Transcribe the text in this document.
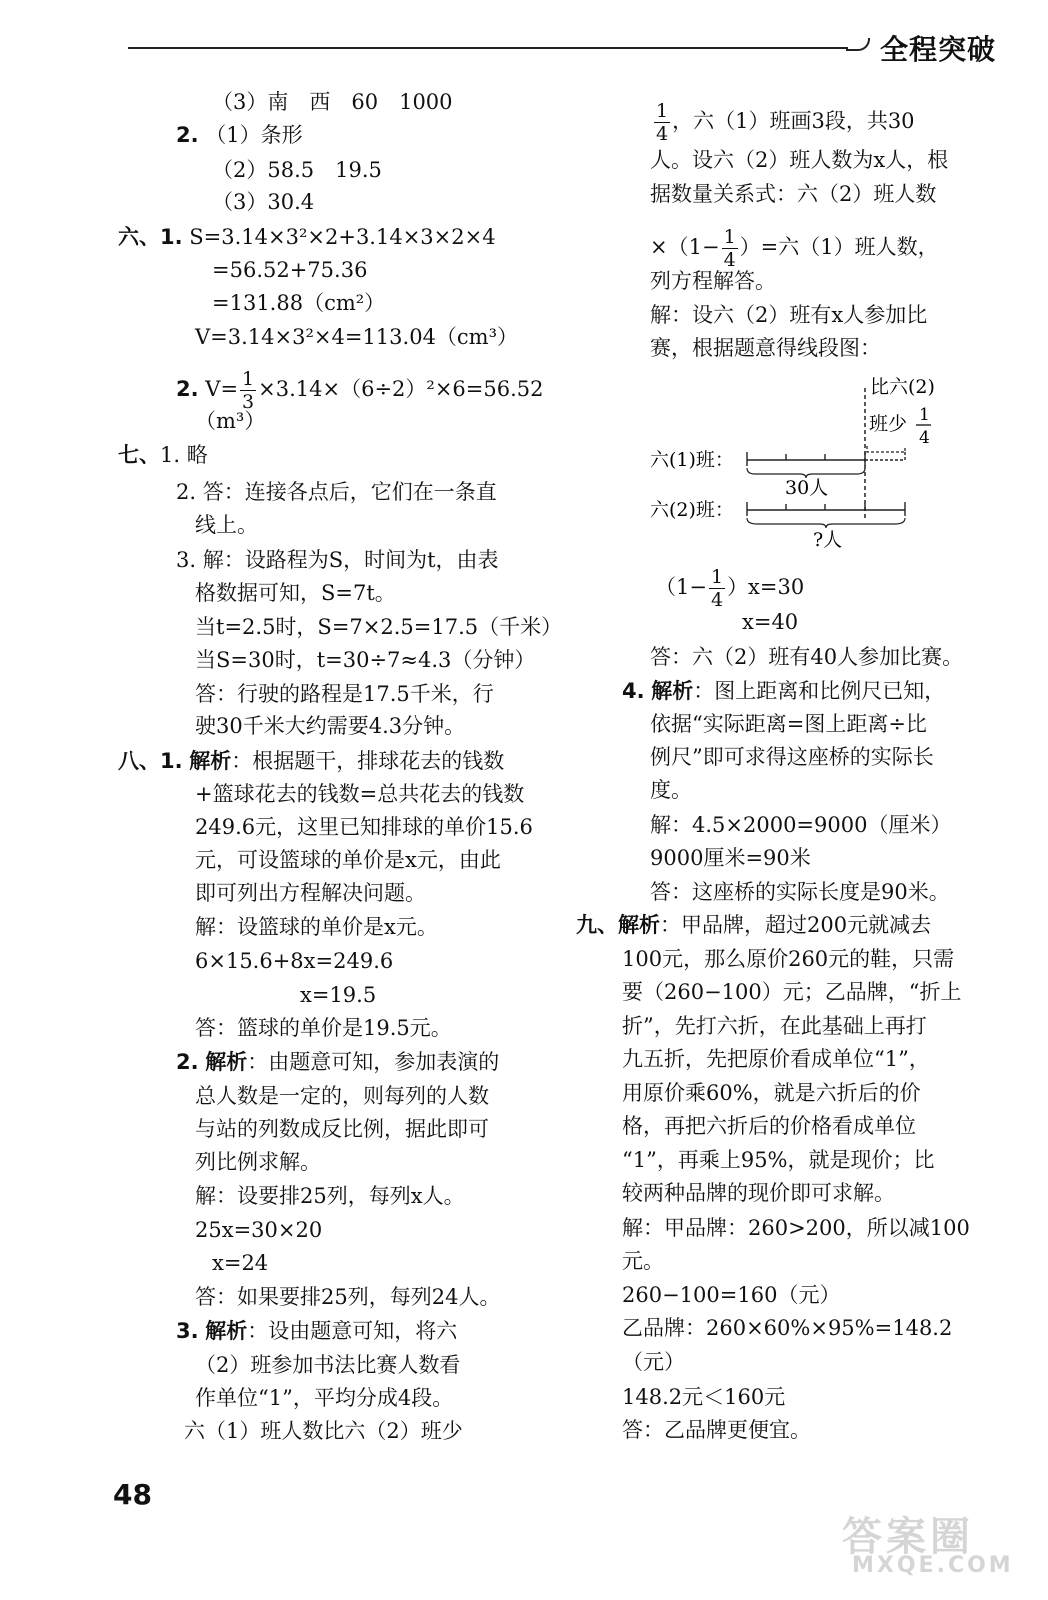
全程突破
（3）南　西　60　1000
2. （1）条形
（2）58.5　19.5
（3）30.4
六、1. S=3.14×3²×2+3.14×3×2×4
=56.52+75.36
=131.88（cm²）
V=3.14×3²×4=113.04（cm³）
2. $V= \frac{1}{3} \times 3.14\times(6\div 2)^2\times 6=56.52$
（m³）
七、1. 略
2. 答：连接各点后，它们在一条直
线上。
3. 解：设路程为S，时间为t，由表
格数据可知，S=7t。
当t=2.5时，S=7×2.5=17.5（千米）
当S=30时，t=30÷7≈4.3（分钟）
答：行驶的路程是17.5千米，行
驶30千米大约需要4.3分钟。
八、1. 解析：根据题干，排球花去的钱数
+篮球花去的钱数=总共花去的钱数
249.6元，这里已知排球的单价15.6
元，可设篮球的单价是x元，由此
即可列出方程解决问题。
解：设篮球的单价是x元。
6×15.6+8x=249.6
x=19.5
答：篮球的单价是19.5元。
2. 解析：由题意可知，参加表演的
总人数是一定的，则每列的人数
与站的列数成反比例，据此即可
列比例求解。
解：设要排25列，每列x人。
25x=30×20
x=24
答：如果要排25列，每列24人。
3. 解析：设由题意可知，将六
（2）班参加书法比赛人数看
作单位“1”，平均分成4段。
六（1）班人数比六（2）班少
$\frac{1}{4}$ ，六（1）班画3段，共30
人。设六（2）班人数为x人，根
据数量关系式：六（2）班人数
$\times(1- \frac{1}{4}$ ）=六（1）班人数，
列方程解答。
解：设六（2）班有x人参加比
赛，根据题意得线段图：
比六(2)
班少 1
4
六(1)班：
30人
六(2)班：
?人
$(1- \frac{1}{4} )x=30$
x=40
答：六（2）班有40人参加比赛。
4. 解析：图上距离和比例尺已知，
依据“实际距离=图上距离÷比
例尺”即可求得这座桥的实际长
度。
解：4.5×2000=9000（厘米）
9000厘米=90米
答：这座桥的实际长度是90米。
九、解析：甲品牌，超过200元就减去
100元，那么原价260元的鞋，只需
要（260−100）元；乙品牌，“折上
折”，先打六折，在此基础上再打
九五折，先把原价看成单位“1”，
用原价乘60%，就是六折后的价
格，再把六折后的价格看成单位
“1”，再乘上95%，就是现价；比
较两种品牌的现价即可求解。
解：甲品牌：260>200，所以减100
元。
260−100=160（元）
乙品牌：260×60%×95%=148.2
（元）
148.2元＜160元
答：乙品牌更便宜。
48
答案圈
MXQE.COM
